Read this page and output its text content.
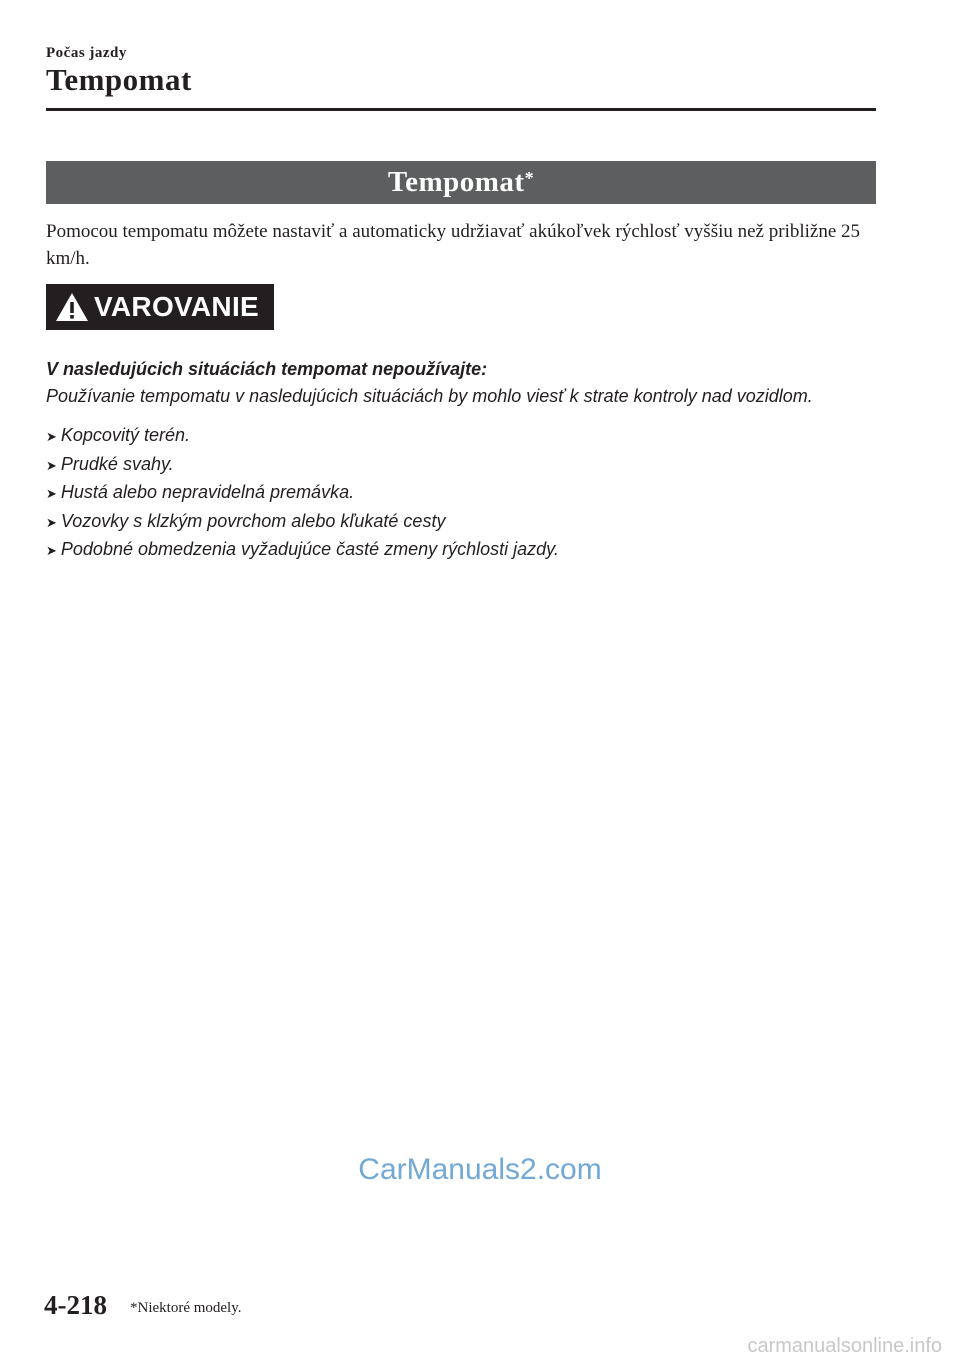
Počas jazdy
Tempomat
Tempomat*

Pomocou tempomatu môžete nastaviť a automaticky udržiavať akúkoľvek rýchlosť vyššiu než približne 25 km/h.

VAROVANIE

V nasledujúcich situáciách tempomat nepoužívajte:

Používanie tempomatu v nasledujúcich situáciách by mohlo viesť k strate kontroly nad vozidlom.

➤ Kopcovitý terén.
➤ Prudké svahy.
➤ Hustá alebo nepravidelná premávka.
➤ Vozovky s klzkým povrchom alebo kľukaté cesty
➤ Podobné obmedzenia vyžadujúce časté zmeny rýchlosti jazdy.
CarManuals2.com
4-218 *Niektoré modely.
carmanualsonline.info
